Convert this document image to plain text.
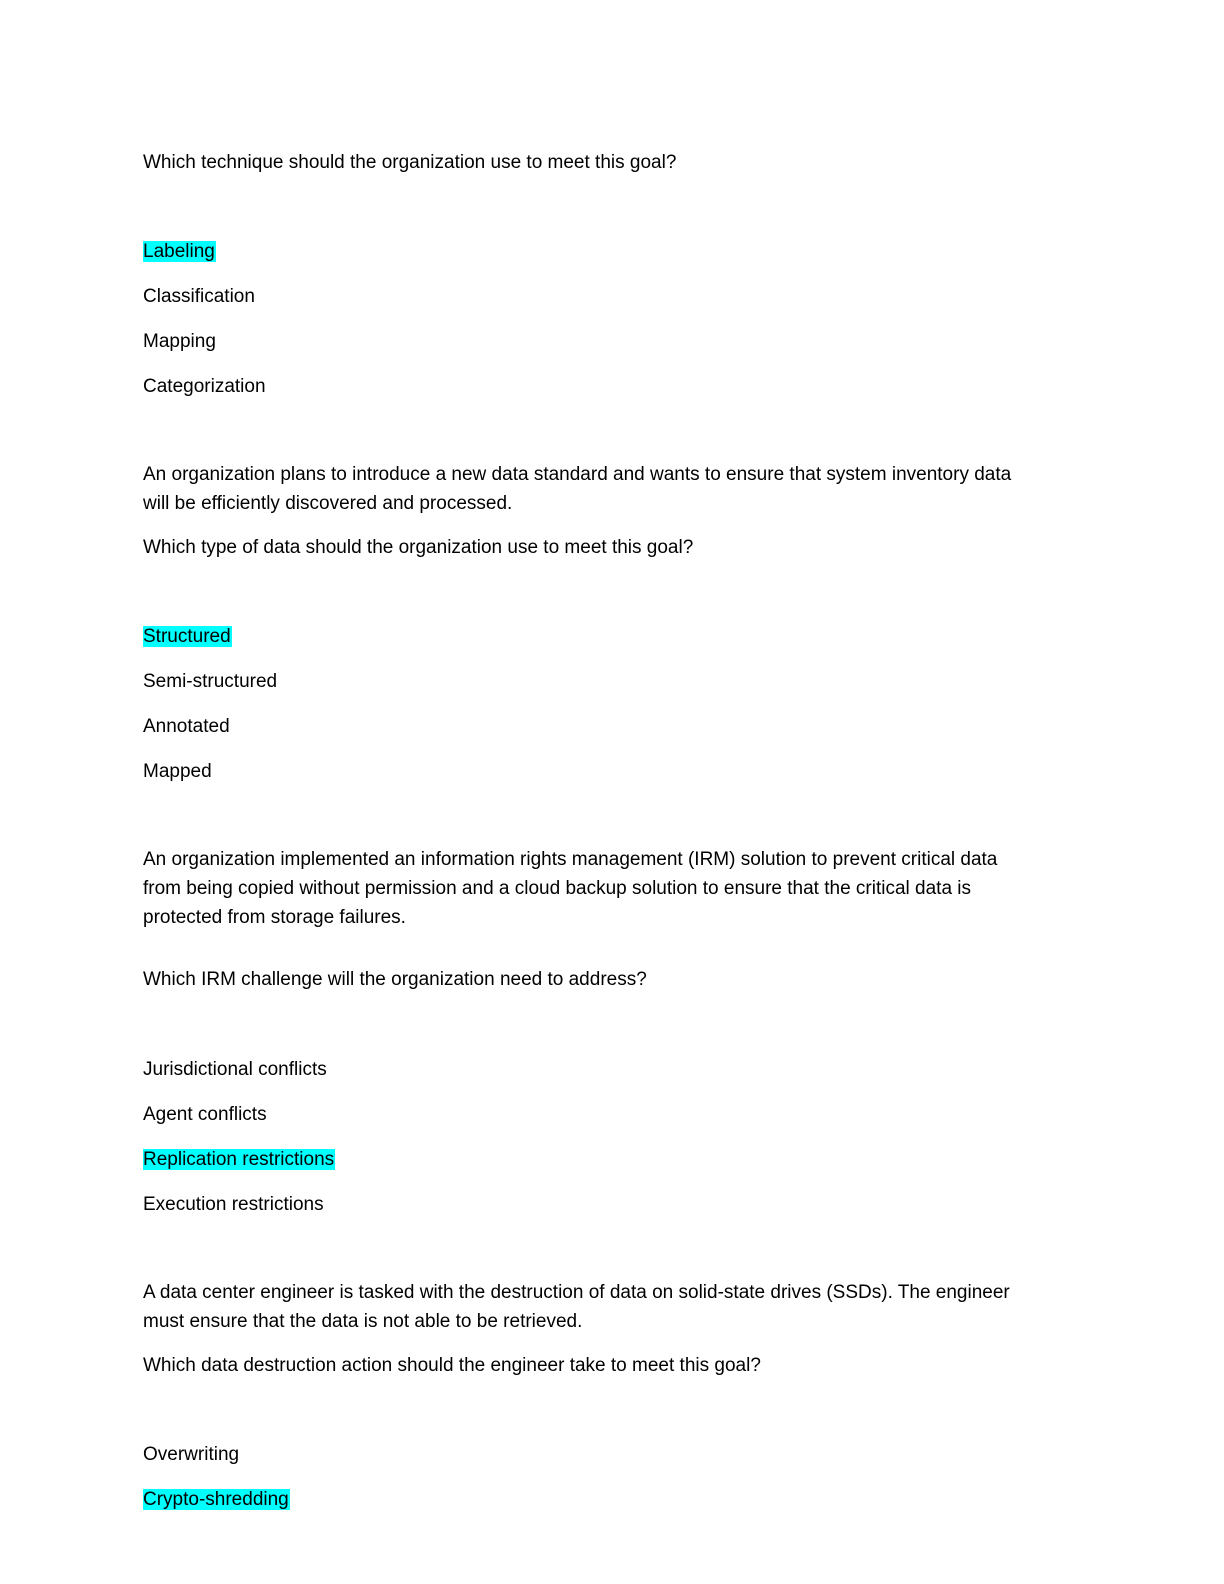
Which technique should the organization use to meet this goal?
Labeling
Classification
Mapping
Categorization
An organization plans to introduce a new data standard and wants to ensure that system inventory data
will be efficiently discovered and processed.
Which type of data should the organization use to meet this goal?
Structured
Semi-structured
Annotated
Mapped
An organization implemented an information rights management (IRM) solution to prevent critical data
from being copied without permission and a cloud backup solution to ensure that the critical data is
protected from storage failures.
Which IRM challenge will the organization need to address?
Jurisdictional conflicts
Agent conflicts
Replication restrictions
Execution restrictions
A data center engineer is tasked with the destruction of data on solid-state drives (SSDs). The engineer
must ensure that the data is not able to be retrieved.
Which data destruction action should the engineer take to meet this goal?
Overwriting
Crypto-shredding
